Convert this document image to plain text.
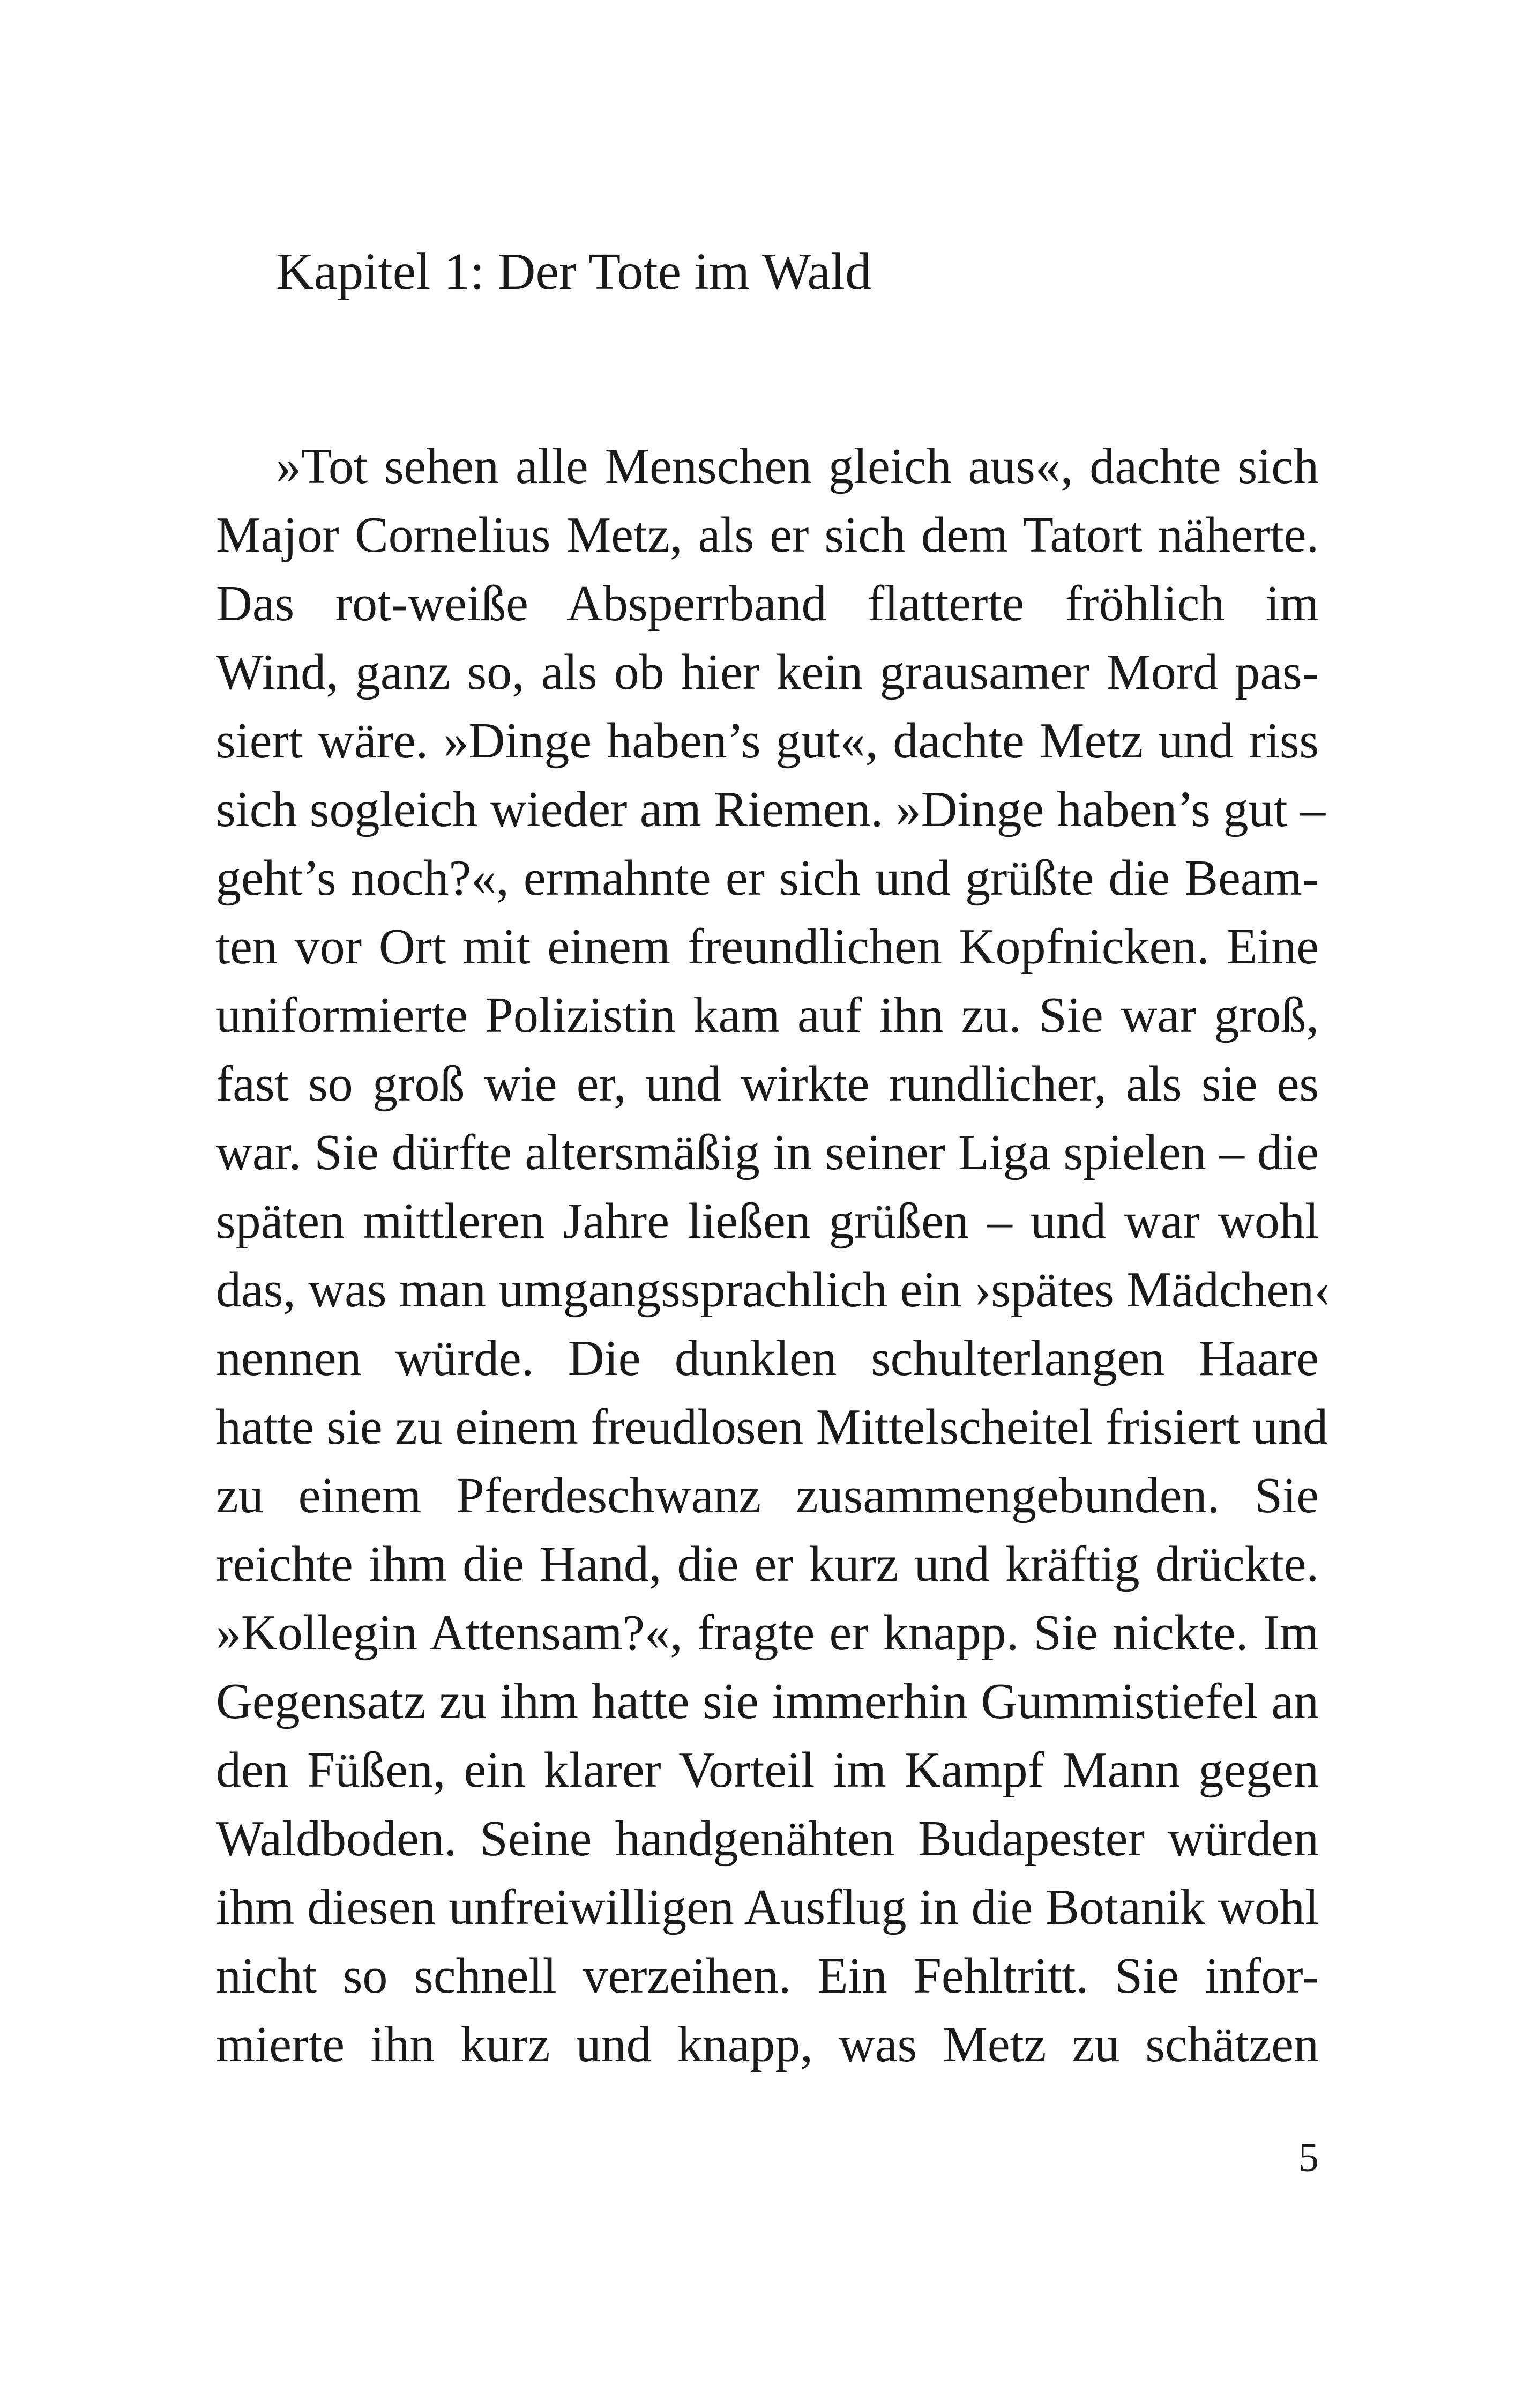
Kapitel 1: Der Tote im Wald
»Tot sehen alle Menschen gleich aus«, dachte sich
Major Cornelius Metz, als er sich dem Tatort näherte.
Das rot-weiße Absperrband flatterte fröhlich im
Wind, ganz so, als ob hier kein grausamer Mord pas-
siert wäre. »Dinge haben’s gut«, dachte Metz und riss
sich sogleich wieder am Riemen. »Dinge haben’s gut –
geht’s noch?«, ermahnte er sich und grüßte die Beam-
ten vor Ort mit einem freundlichen Kopfnicken. Eine
uniformierte Polizistin kam auf ihn zu. Sie war groß,
fast so groß wie er, und wirkte rundlicher, als sie es
war. Sie dürfte altersmäßig in seiner Liga spielen – die
späten mittleren Jahre ließen grüßen – und war wohl
das, was man umgangssprachlich ein ›spätes Mädchen‹
nennen würde. Die dunklen schulterlangen Haare
hatte sie zu einem freudlosen Mittelscheitel frisiert und
zu einem Pferdeschwanz zusammengebunden. Sie
reichte ihm die Hand, die er kurz und kräftig drückte.
»Kollegin Attensam?«, fragte er knapp. Sie nickte. Im
Gegensatz zu ihm hatte sie immerhin Gummistiefel an
den Füßen, ein klarer Vorteil im Kampf Mann gegen
Waldboden. Seine handgenähten Budapester würden
ihm diesen unfreiwilligen Ausflug in die Botanik wohl
nicht so schnell verzeihen. Ein Fehltritt. Sie infor-
mierte ihn kurz und knapp, was Metz zu schätzen
5
